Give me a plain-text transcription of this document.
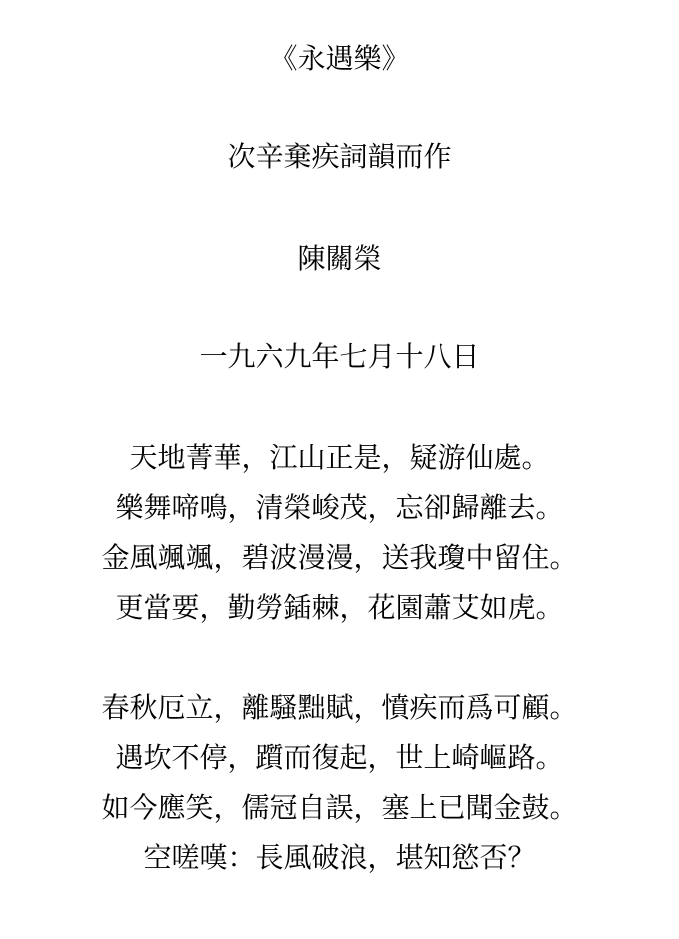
《永遇樂》
次辛棄疾詞韻而作
陳關榮
一九六九年七月十八日
天地菁華，江山正是，疑游仙處。
樂舞啼鳴，清榮峻茂，忘卻歸離去。
金風颯颯，碧波漫漫，送我瓊中留住。
更當要，勤勞鍤棘，花園蕭艾如虎。
春秋厄立，離騷黜賦，憤疾而爲可顧。
遇坎不停，躓而復起，世上崎嶇路。
如今應笑，儒冠自誤，塞上已聞金鼓。
空嗟嘆：長風破浪，堪知慾否？
